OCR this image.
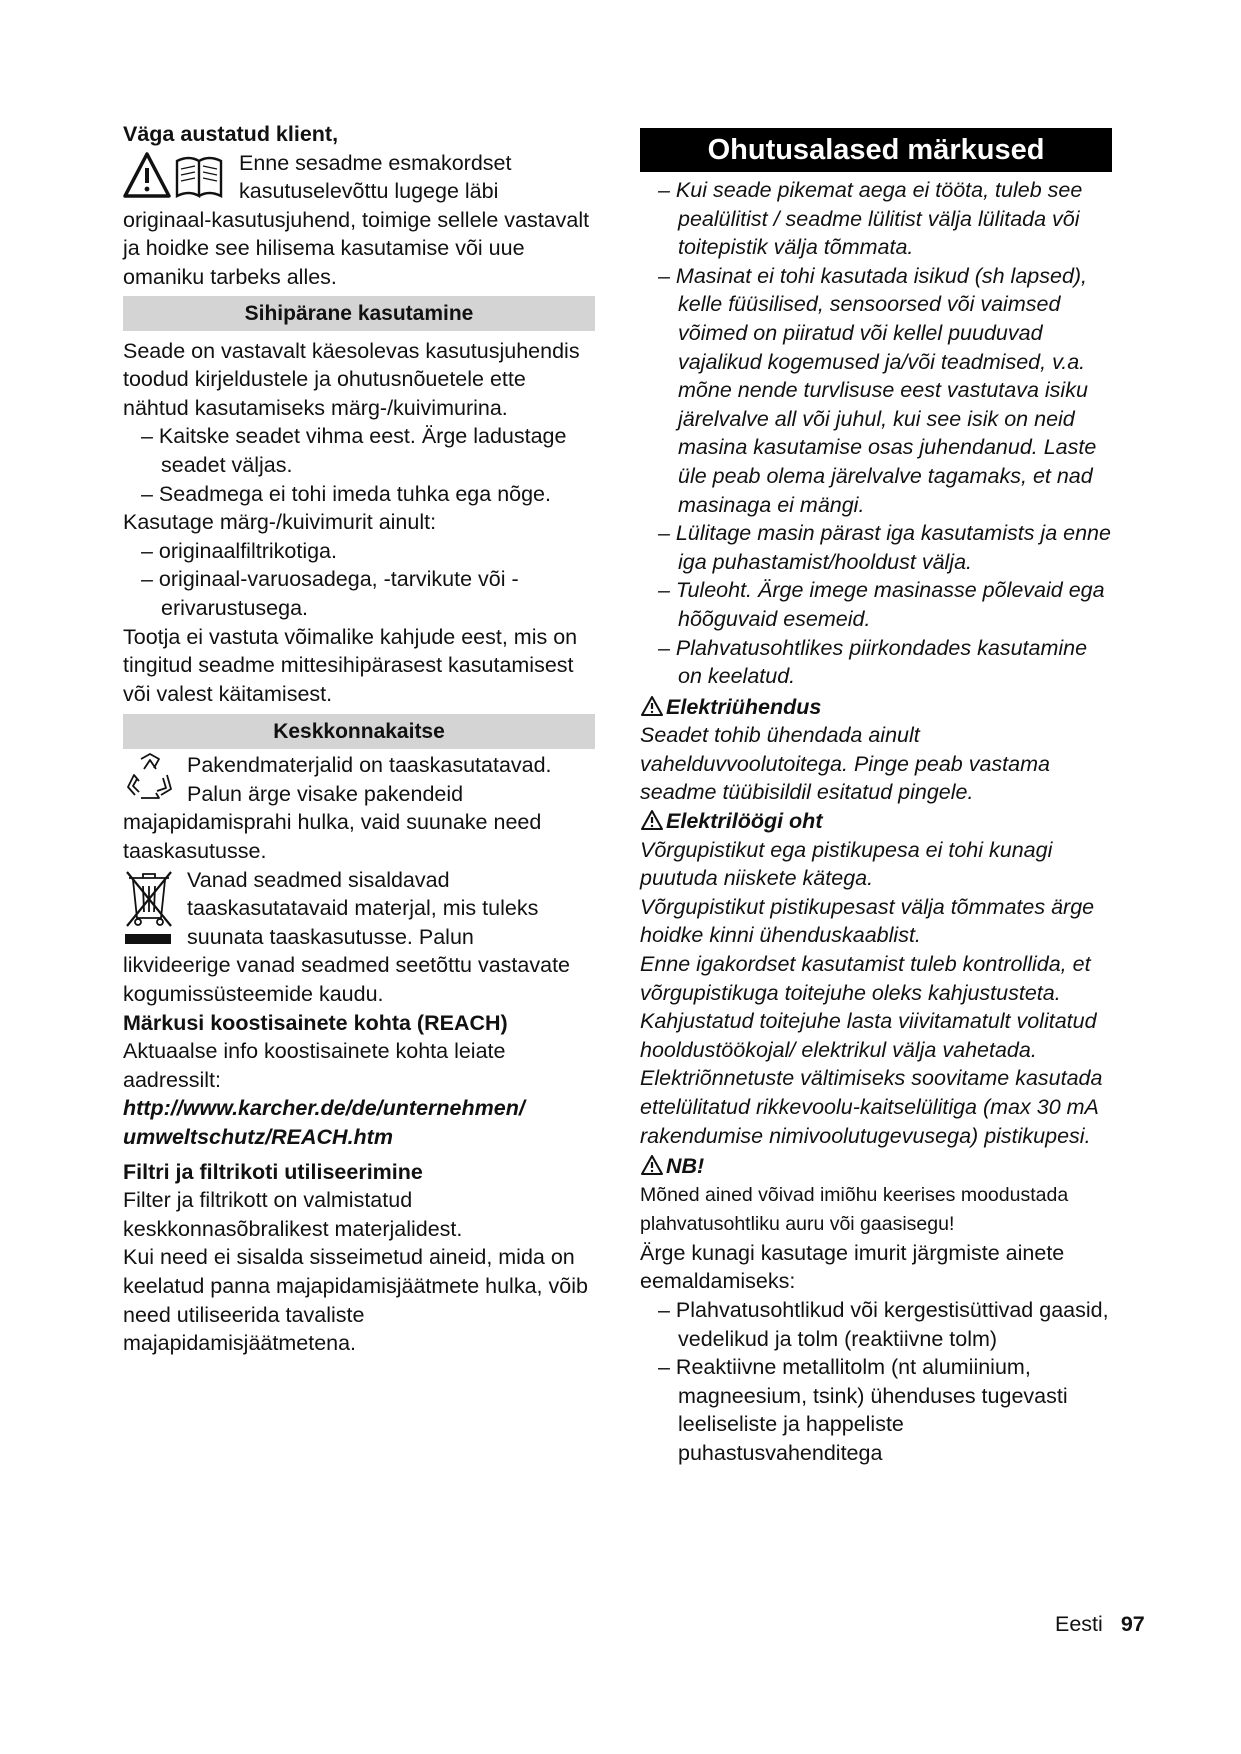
Väga austatud klient,

Enne sesadme esmakordset

kasutuselevõttu lugege läbi

originaal-kasutusjuhend, toimige sellele vastavalt ja hoidke see hilisema kasutamise või uue omaniku tarbeks alles.

Sihipärane kasutamine

Seade on vastavalt käesolevas kasutusjuhendis toodud kirjeldustele ja ohutusnõuetele ette nähtud kasutamiseks märg-/kuivimurina.

– Kaitske seadet vihma eest. Ärge ladustage seadet väljas.

– Seadmega ei tohi imeda tuhka ega nõge.

Kasutage märg-/kuivimurit ainult:

– originaalfiltrikotiga.

– originaal-varuosadega, -tarvikute või -erivarustusega.

Tootja ei vastuta võimalike kahjude eest, mis on tingitud seadme mittesihipärasest kasutamisest või valest käitamisest.

Keskkonnakaitse

Pakendmaterjalid on taaskasutatavad.

Palun ärge visake pakendeid

majapidamisprahi hulka, vaid suunake need taaskasutusse.

Vanad seadmed sisaldavad

taaskasutatavaid materjal, mis tuleks

suunata taaskasutusse. Palun

likvideerige vanad seadmed seetõttu vastavate kogumissüsteemide kaudu.

Märkusi koostisainete kohta (REACH)

Aktuaalse info koostisainete kohta leiate aadressilt:

http://www.karcher.de/de/unternehmen/ umweltschutz/REACH.htm

Filtri ja filtrikoti utiliseerimine

Filter ja filtrikott on valmistatud keskkonnasõbralikest materjalidest.

Kui need ei sisalda sisseimetud aineid, mida on keelatud panna majapidamisjäätmete hulka, võib need utiliseerida tavaliste majapidamisjäätmetena.

Ohutusalased märkused

– Kui seade pikemat aega ei tööta, tuleb see pealülitist / seadme lülitist välja lülitada või toitepistik välja tõmmata.

– Masinat ei tohi kasutada isikud (sh lapsed), kelle füüsilised, sensoorsed või vaimsed võimed on piiratud või kellel puuduvad vajalikud kogemused ja/või teadmised, v.a. mõne nende turvlisuse eest vastutava isiku järelvalve all või juhul, kui see isik on neid masina kasutamise osas juhendanud. Laste üle peab olema järelvalve tagamaks, et nad masinaga ei mängi.

– Lülitage masin pärast iga kasutamists ja enne iga puhastamist/hooldust välja.

– Tuleoht. Ärge imege masinasse põlevaid ega hõõguvaid esemeid.

– Plahvatusohtlikes piirkondades kasutamine on keelatud.

Elektriühendus

Seadet tohib ühendada ainult vahelduvvoolutoitega. Pinge peab vastama seadme tüübisildil esitatud pingele.

Elektrilöögi oht

Võrgupistikut ega pistikupesa ei tohi kunagi puutuda niiskete kätega.

Võrgupistikut pistikupesast välja tõmmates ärge hoidke kinni ühenduskaablist.

Enne igakordset kasutamist tuleb kontrollida, et võrgupistikuga toitejuhe oleks kahjustusteta. Kahjustatud toitejuhe lasta viivitamatult volitatud hooldustöökojal/ elektrikul välja vahetada.

Elektriõnnetuste vältimiseks soovitame kasutada ettelülitatud rikkevoolu-kaitselülitiga (max 30 mA rakendumise nimivoolutugevusega) pistikupesi.

NB!

Mõned ained võivad imiõhu keerises moodustada plahvatusohtliku auru või gaasisegu!

Ärge kunagi kasutage imurit järgmiste ainete eemaldamiseks:

– Plahvatusohtlikud või kergestisüttivad gaasid, vedelikud ja tolm (reaktiivne tolm)

– Reaktiivne metallitolm (nt alumiinium, magneesium, tsink) ühenduses tugevasti leeliseliste ja happeliste puhastusvahenditega

Eesti 97
